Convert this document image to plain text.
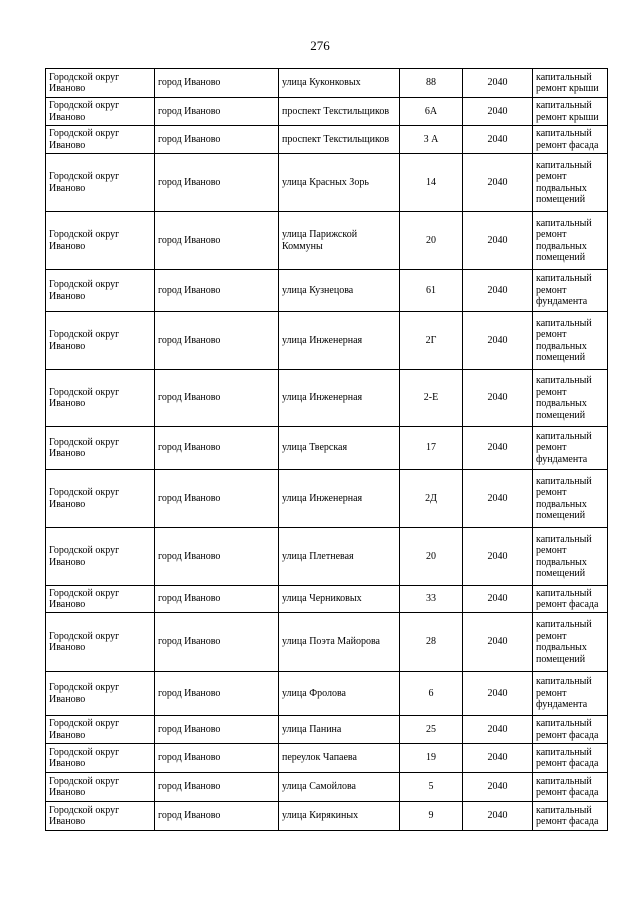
276
Городской округ Иваново	город Иваново	улица Куконковых	88	2040	капитальный ремонт крыши
Городской округ Иваново	город Иваново	проспект Текстильщиков	6А	2040	капитальный ремонт крыши
Городской округ Иваново	город Иваново	проспект Текстильщиков	3 А	2040	капитальный ремонт фасада
Городской округ Иваново	город Иваново	улица Красных Зорь	14	2040	капитальный ремонт подвальных помещений
Городской округ Иваново	город Иваново	улица Парижской Коммуны	20	2040	капитальный ремонт подвальных помещений
Городской округ Иваново	город Иваново	улица Кузнецова	61	2040	капитальный ремонт фундамента
Городской округ Иваново	город Иваново	улица Инженерная	2Г	2040	капитальный ремонт подвальных помещений
Городской округ Иваново	город Иваново	улица Инженерная	2-Е	2040	капитальный ремонт подвальных помещений
Городской округ Иваново	город Иваново	улица Тверская	17	2040	капитальный ремонт фундамента
Городской округ Иваново	город Иваново	улица Инженерная	2Д	2040	капитальный ремонт подвальных помещений
Городской округ Иваново	город Иваново	улица Плетневая	20	2040	капитальный ремонт подвальных помещений
Городской округ Иваново	город Иваново	улица Черниковых	33	2040	капитальный ремонт фасада
Городской округ Иваново	город Иваново	улица Поэта Майорова	28	2040	капитальный ремонт подвальных помещений
Городской округ Иваново	город Иваново	улица Фролова	6	2040	капитальный ремонт фундамента
Городской округ Иваново	город Иваново	улица Панина	25	2040	капитальный ремонт фасада
Городской округ Иваново	город Иваново	переулок Чапаева	19	2040	капитальный ремонт фасада
Городской округ Иваново	город Иваново	улица Самойлова	5	2040	капитальный ремонт фасада
Городской округ Иваново	город Иваново	улица Кирякиных	9	2040	капитальный ремонт фасада
